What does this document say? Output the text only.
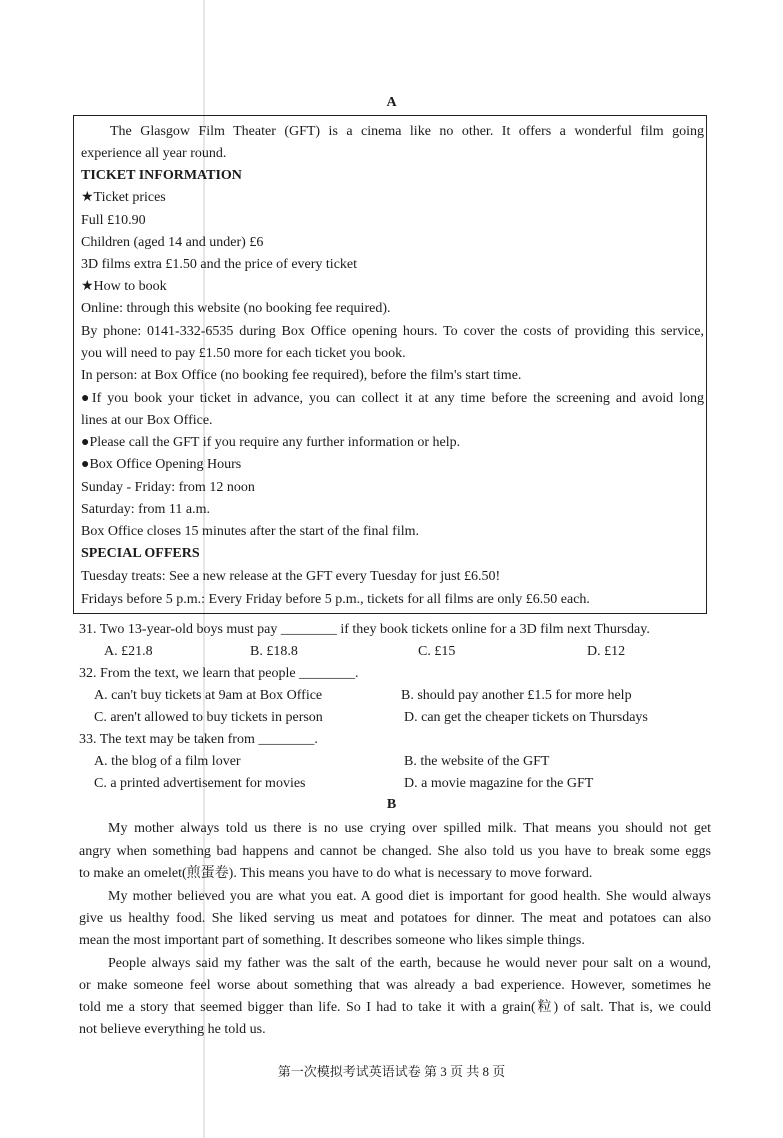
A
The Glasgow Film Theater (GFT) is a cinema like no other. It offers a wonderful film going
experience all year round.
TICKET INFORMATION
★Ticket prices
Full £10.90
Children (aged 14 and under) £6
3D films extra £1.50 and the price of every ticket
★How to book
Online: through this website (no booking fee required).
By phone: 0141-332-6535 during Box Office opening hours. To cover the costs of providing this service,
you will need to pay £1.50 more for each ticket you book.
In person: at Box Office (no booking fee required), before the film's start time.
●If you book your ticket in advance, you can collect it at any time before the screening and avoid long
lines at our Box Office.
●Please call the GFT if you require any further information or help.
●Box Office Opening Hours
Sunday - Friday: from 12 noon
Saturday: from 11 a.m.
Box Office closes 15 minutes after the start of the final film.
SPECIAL OFFERS
Tuesday treats: See a new release at the GFT every Tuesday for just £6.50!
Fridays before 5 p.m.: Every Friday before 5 p.m., tickets for all films are only £6.50 each.
31. Two 13-year-old boys must pay ________ if they book tickets online for a 3D film next Thursday.
A. £21.8	B. £18.8	C. £15	D. £12
32. From the text, we learn that people ________.
A. can't buy tickets at 9am at Box Office	B. should pay another £1.5 for more help
C. aren't allowed to buy tickets in person	D. can get the cheaper tickets on Thursdays
33. The text may be taken from ________.
A. the blog of a film lover	B. the website of the GFT
C. a printed advertisement for movies	D. a movie magazine for the GFT
B
My mother always told us there is no use crying over spilled milk. That means you should not get
angry when something bad happens and cannot be changed. She also told us you have to break some eggs
to make an omelet(煎蛋卷). This means you have to do what is necessary to move forward.
My mother believed you are what you eat. A good diet is important for good health. She would always
give us healthy food. She liked serving us meat and potatoes for dinner. The meat and potatoes can also
mean the most important part of something. It describes someone who likes simple things.
People always said my father was the salt of the earth, because he would never pour salt on a wound,
or make someone feel worse about something that was already a bad experience. However, sometimes he
told me a story that seemed bigger than life. So I had to take it with a grain(粒) of salt. That is, we could
not believe everything he told us.
第一次模拟考试英语试卷 第 3 页 共 8 页
